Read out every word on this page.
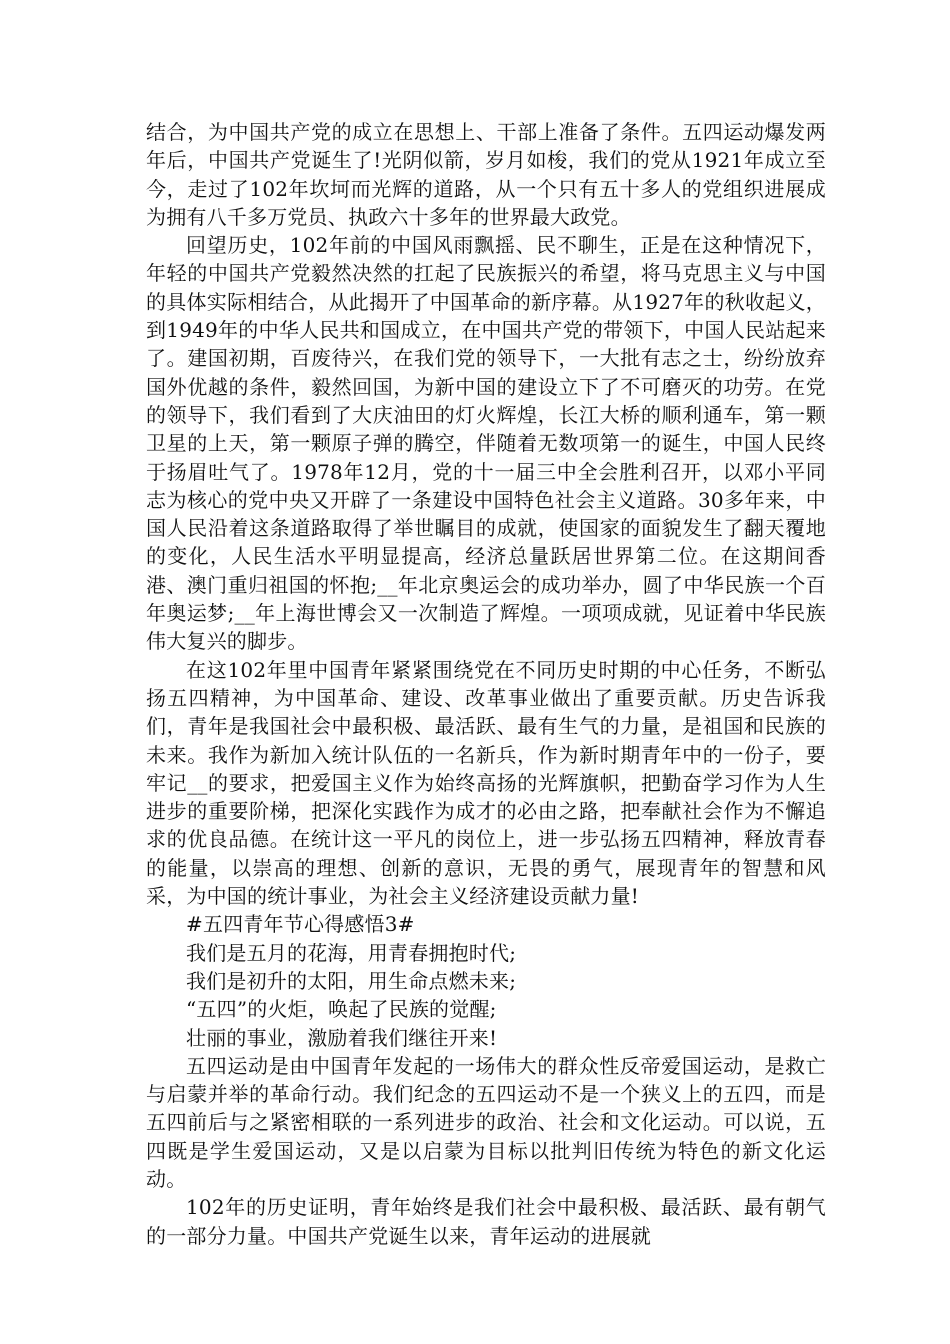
结合，为中国共产党的成立在思想上、干部上准备了条件。五四运动爆发两年后，中国共产党诞生了!光阴似箭，岁月如梭，我们的党从1921年成立至今，走过了102年坎坷而光辉的道路，从一个只有五十多人的党组织进展成为拥有八千多万党员、执政六十多年的世界最大政党。

回望历史，102年前的中国风雨飘摇、民不聊生，正是在这种情况下，年轻的中国共产党毅然决然的扛起了民族振兴的希望，将马克思主义与中国的具体实际相结合，从此揭开了中国革命的新序幕。从1927年的秋收起义，到1949年的中华人民共和国成立，在中国共产党的带领下，中国人民站起来了。建国初期，百废待兴，在我们党的领导下，一大批有志之士，纷纷放弃国外优越的条件，毅然回国，为新中国的建设立下了不可磨灭的功劳。在党的领导下，我们看到了大庆油田的灯火辉煌，长江大桥的顺利通车，第一颗卫星的上天，第一颗原子弹的腾空，伴随着无数项第一的诞生，中国人民终于扬眉吐气了。1978年12月，党的十一届三中全会胜利召开，以邓小平同志为核心的党中央又开辟了一条建设中国特色社会主义道路。30多年来，中国人民沿着这条道路取得了举世瞩目的成就，使国家的面貌发生了翻天覆地的变化，人民生活水平明显提高，经济总量跃居世界第二位。在这期间香港、澳门重归祖国的怀抱;__年北京奥运会的成功举办，圆了中华民族一个百年奥运梦;__年上海世博会又一次制造了辉煌。一项项成就，见证着中华民族伟大复兴的脚步。

在这102年里中国青年紧紧围绕党在不同历史时期的中心任务，不断弘扬五四精神，为中国革命、建设、改革事业做出了重要贡献。历史告诉我们，青年是我国社会中最积极、最活跃、最有生气的力量，是祖国和民族的未来。我作为新加入统计队伍的一名新兵，作为新时期青年中的一份子，要牢记__的要求，把爱国主义作为始终高扬的光辉旗帜，把勤奋学习作为人生进步的重要阶梯，把深化实践作为成才的必由之路，把奉献社会作为不懈追求的优良品德。在统计这一平凡的岗位上，进一步弘扬五四精神，释放青春的能量，以崇高的理想、创新的意识，无畏的勇气，展现青年的智慧和风采，为中国的统计事业，为社会主义经济建设贡献力量!

#五四青年节心得感悟3#

我们是五月的花海，用青春拥抱时代;

我们是初升的太阳，用生命点燃未来;

“五四”的火炬，唤起了民族的觉醒;

壮丽的事业，激励着我们继往开来!

五四运动是由中国青年发起的一场伟大的群众性反帝爱国运动，是救亡与启蒙并举的革命行动。我们纪念的五四运动不是一个狭义上的五四，而是五四前后与之紧密相联的一系列进步的政治、社会和文化运动。可以说，五四既是学生爱国运动，又是以启蒙为目标以批判旧传统为特色的新文化运动。

102年的历史证明，青年始终是我们社会中最积极、最活跃、最有朝气的一部分力量。中国共产党诞生以来，青年运动的进展就
